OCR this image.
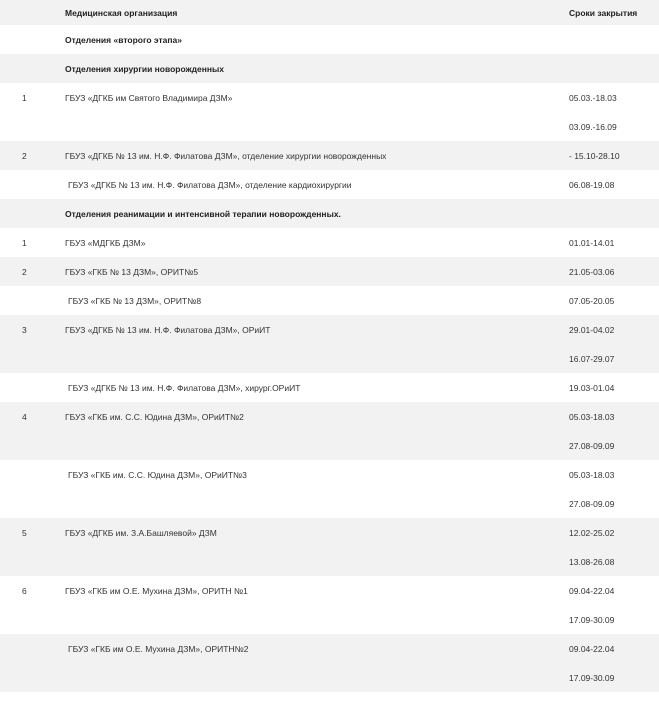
Медицинская организация	Сроки закрытия
Отделения «второго этапа»
Отделения хирургии новорожденных
1	ГБУЗ «ДГКБ им Святого Владимира ДЗМ»	05.03.-18.03
03.09.-16.09
2	ГБУЗ «ДГКБ № 13 им. Н.Ф. Филатова ДЗМ», отделение хирургии новорожденных	- 15.10-28.10
ГБУЗ «ДГКБ № 13 им. Н.Ф. Филатова ДЗМ», отделение кардиохирургии	06.08-19.08
Отделения реанимации и интенсивной терапии новорожденных.
1	ГБУЗ «МДГКБ ДЗМ»	01.01-14.01
2	ГБУЗ «ГКБ № 13 ДЗМ», ОРИТ№5	21.05-03.06
ГБУЗ «ГКБ № 13 ДЗМ», ОРИТ№8	07.05-20.05
3	ГБУЗ «ДГКБ № 13 им. Н.Ф. Филатова ДЗМ», ОРиИТ	29.01-04.02
16.07-29.07
ГБУЗ «ДГКБ № 13 им. Н.Ф. Филатова ДЗМ», хирург.ОРиИТ	19.03-01.04
4	ГБУЗ «ГКБ им. С.С. Юдина ДЗМ», ОРиИТ№2	05.03-18.03
27.08-09.09
ГБУЗ «ГКБ им. С.С. Юдина ДЗМ», ОРиИТ№3	05.03-18.03
27.08-09.09
5	ГБУЗ «ДГКБ им. З.А.Башляевой» ДЗМ	12.02-25.02
13.08-26.08
6	ГБУЗ «ГКБ им О.Е. Мухина ДЗМ», ОРИТН №1	09.04-22.04
17.09-30.09
ГБУЗ «ГКБ им О.Е. Мухина ДЗМ», ОРИТН№2	09.04-22.04
17.09-30.09
